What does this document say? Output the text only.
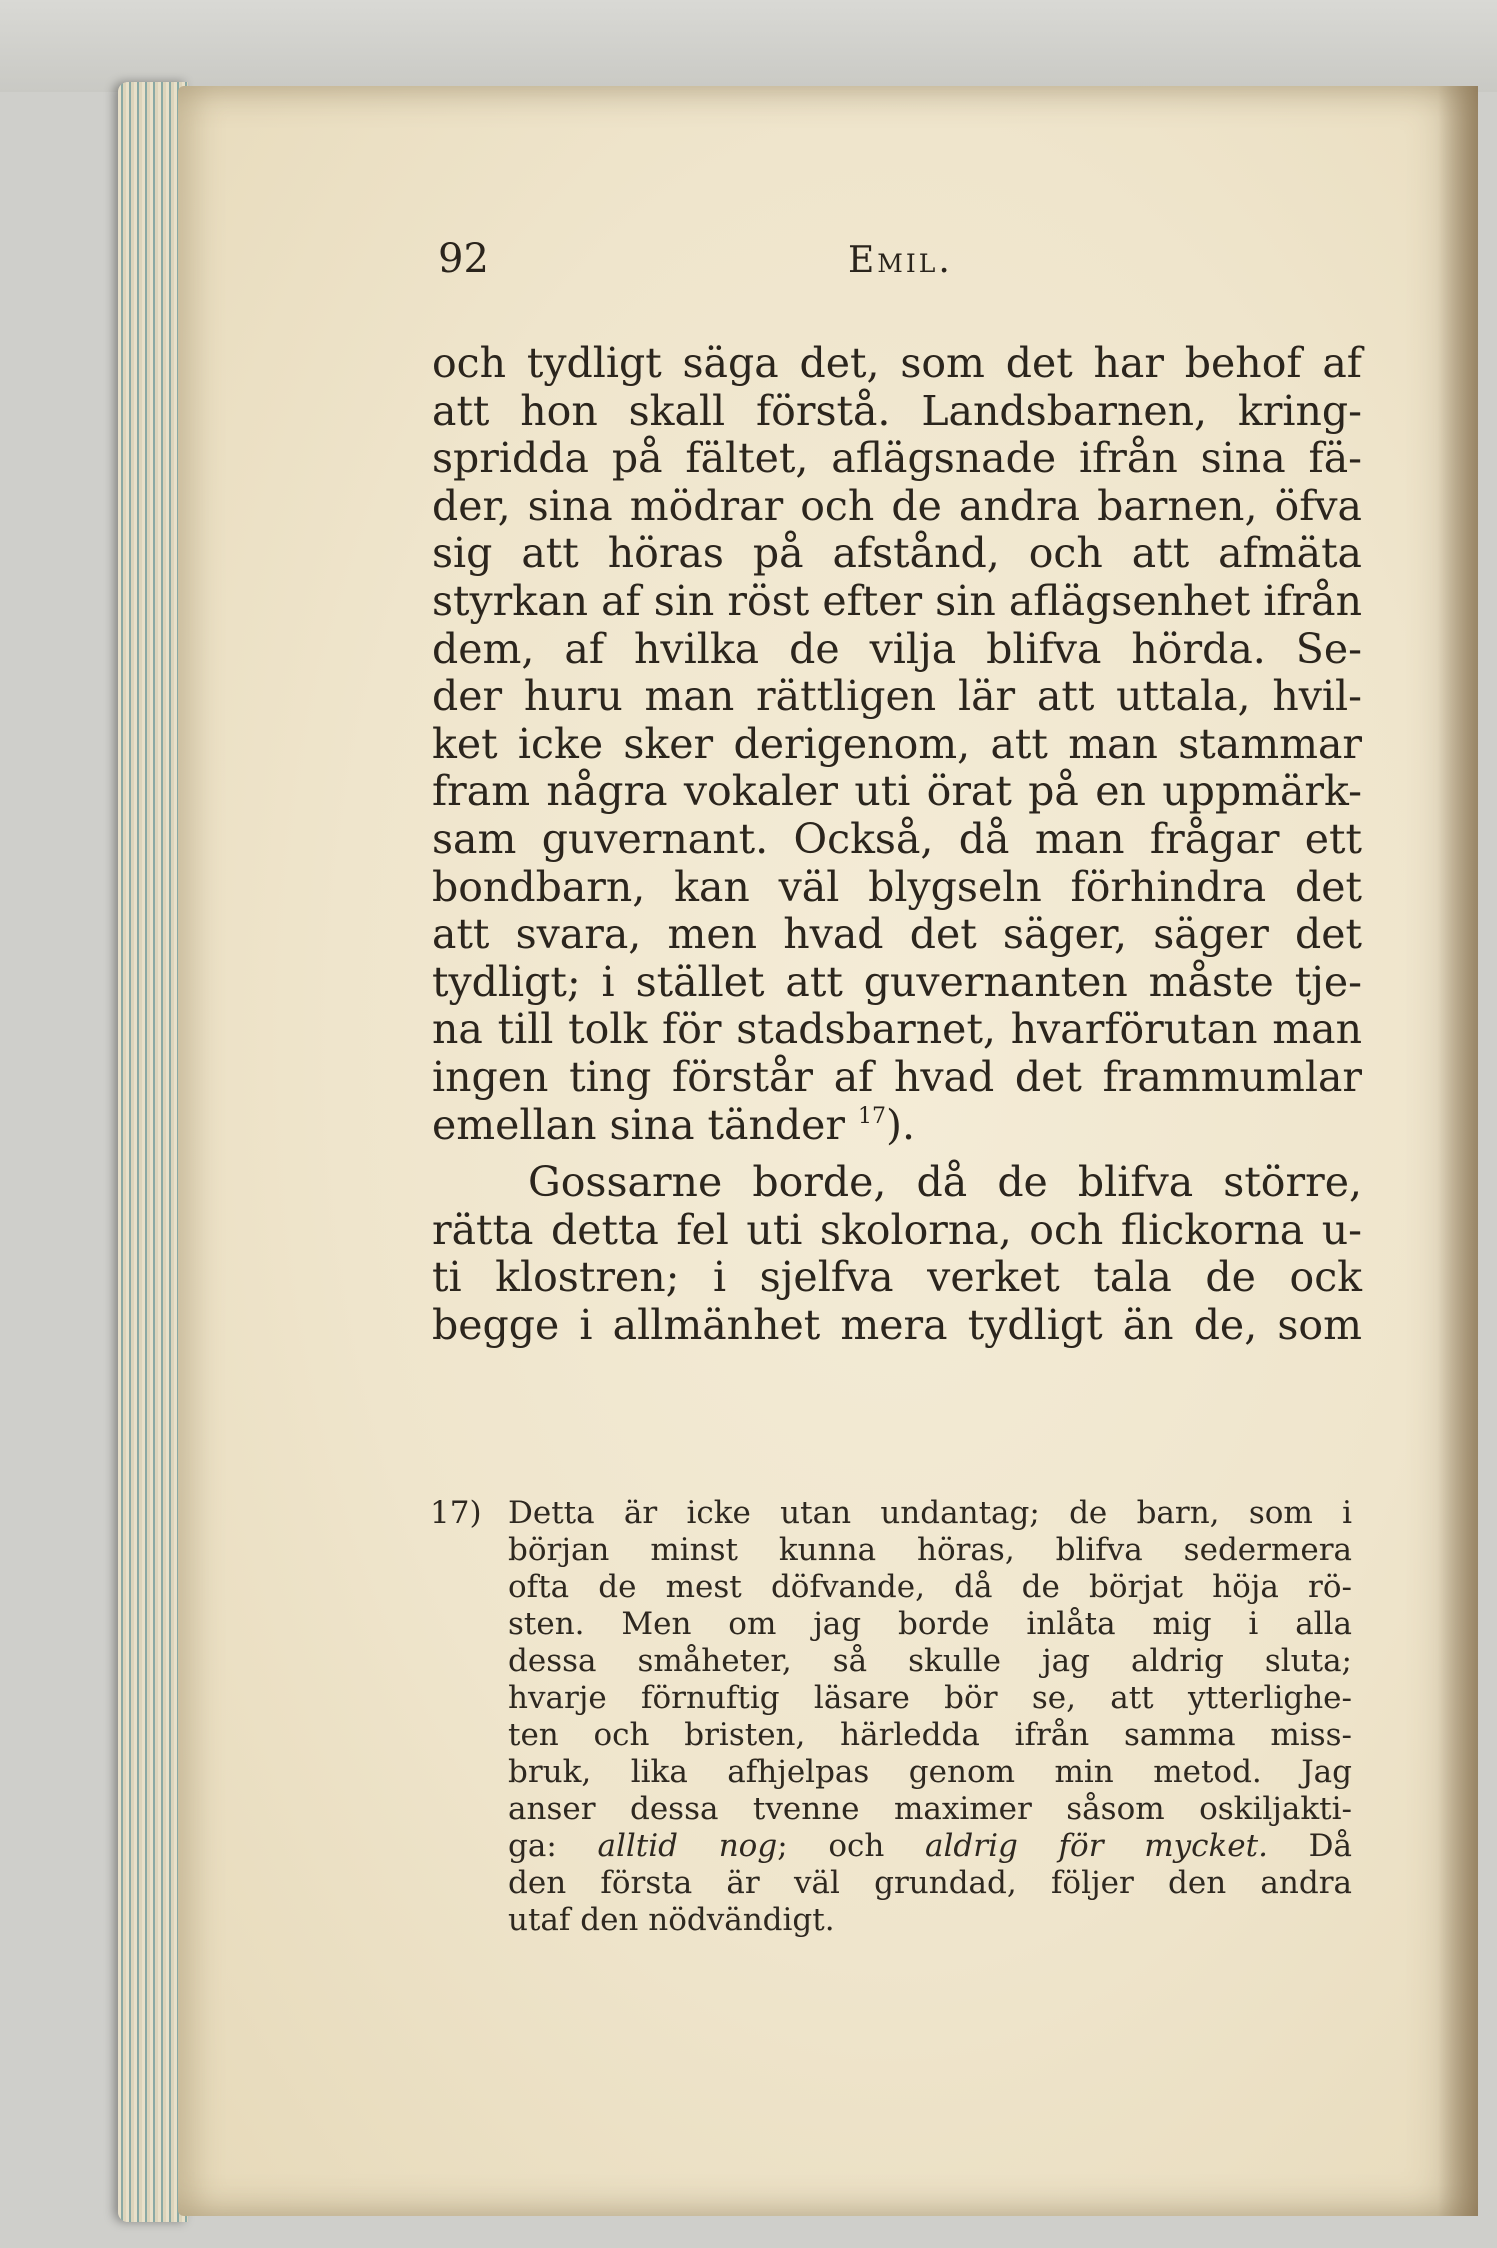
92	Emil.
och tydligt säga det, som det har behof af
att hon skall förstå. Landsbarnen, kring-
spridda på fältet, aflägsnade ifrån sina fä-
der, sina mödrar och de andra barnen, öfva
sig att höras på afstånd, och att afmäta
styrkan af sin röst efter sin aflägsenhet ifrån
dem, af hvilka de vilja blifva hörda. Se-
der huru man rättligen lär att uttala, hvil-
ket icke sker derigenom, att man stammar
fram några vokaler uti örat på en uppmärk-
sam guvernant. Också, då man frågar ett
bondbarn, kan väl blygseln förhindra det
att svara, men hvad det säger, säger det
tydligt; i stället att guvernanten måste tje-
na till tolk för stadsbarnet, hvarförutan man
ingen ting förstår af hvad det frammumlar
emellan sina tänder $^{17}$).
Gossarne borde, då de blifva större,
rätta detta fel uti skolorna, och flickorna u-
ti klostren; i sjelfva verket tala de ock
begge i allmänhet mera tydligt än de, som
17) Detta är icke utan undantag; de barn, som i
början minst kunna höras, blifva sedermera
ofta de mest döfvande, då de börjat höja rö-
sten. Men om jag borde inlåta mig i alla
dessa småheter, så skulle jag aldrig sluta;
hvarje förnuftig läsare bör se, att ytterlighe-
ten och bristen, härledda ifrån samma miss-
bruk, lika afhjelpas genom min metod. Jag
anser dessa tvenne maximer såsom oskiljakti-
ga: alltid nog; och aldrig för mycket. Då
den första är väl grundad, följer den andra
utaf den nödvändigt.
